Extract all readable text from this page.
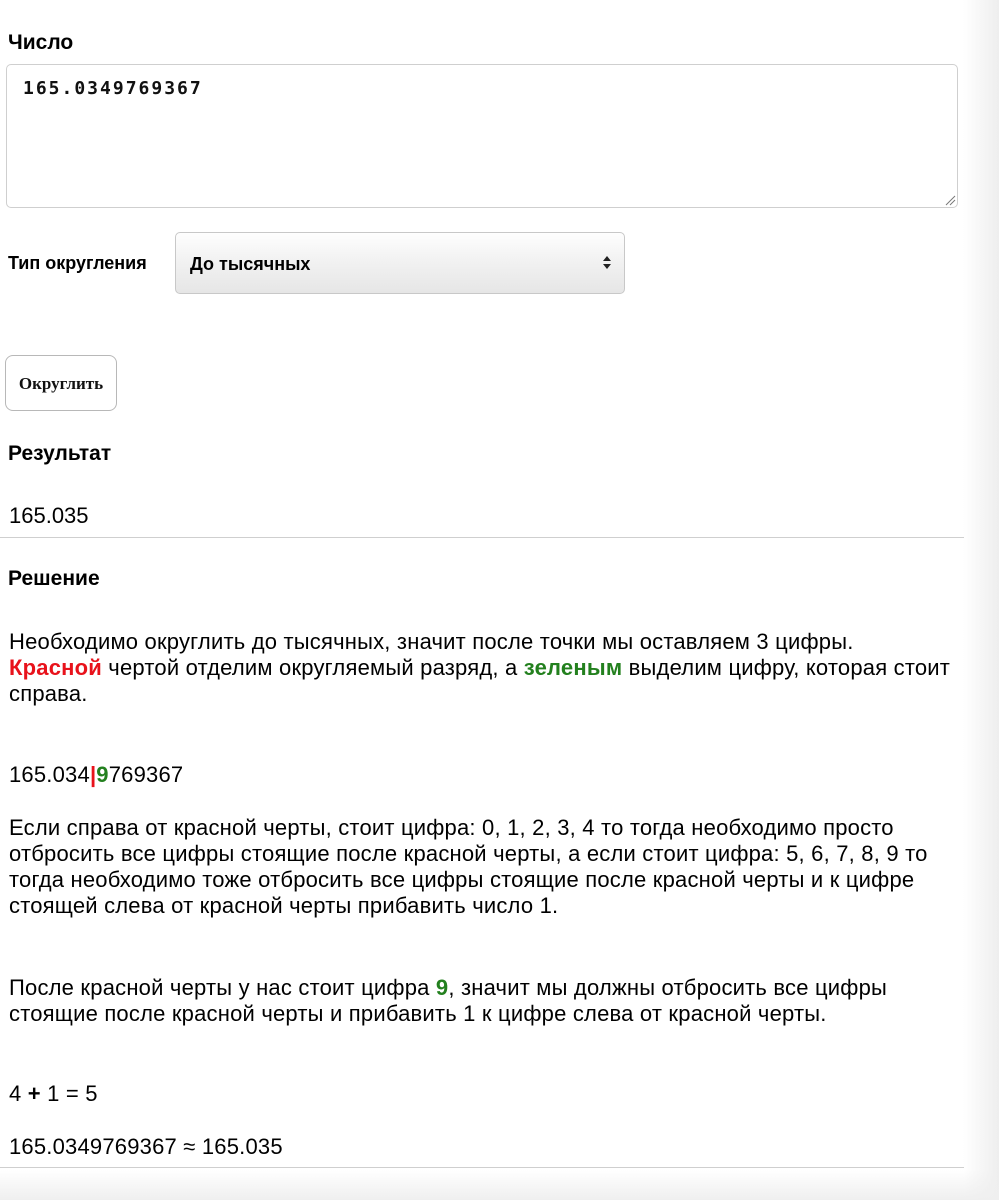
Число
165.0349769367
Тип округления До тысячных
Округлить
Результат
165.035
Решение

Необходимо округлить до тысячных, значит после точки мы оставляем 3 цифры.
Красной чертой отделим округляемый разряд, а зеленым выделим цифру, которая стоит справа.

165.034|9769367

Если справа от красной черты, стоит цифра: 0, 1, 2, 3, 4 то тогда необходимо просто отбросить все цифры стоящие после красной черты, а если стоит цифра: 5, 6, 7, 8, 9 то тогда необходимо тоже отбросить все цифры стоящие после красной черты и к цифре стоящей слева от красной черты прибавить число 1.

После красной черты у нас стоит цифра 9, значит мы должны отбросить все цифры стоящие после красной черты и прибавить 1 к цифре слева от красной черты.

4 + 1 = 5

165.0349769367 ≈ 165.035
